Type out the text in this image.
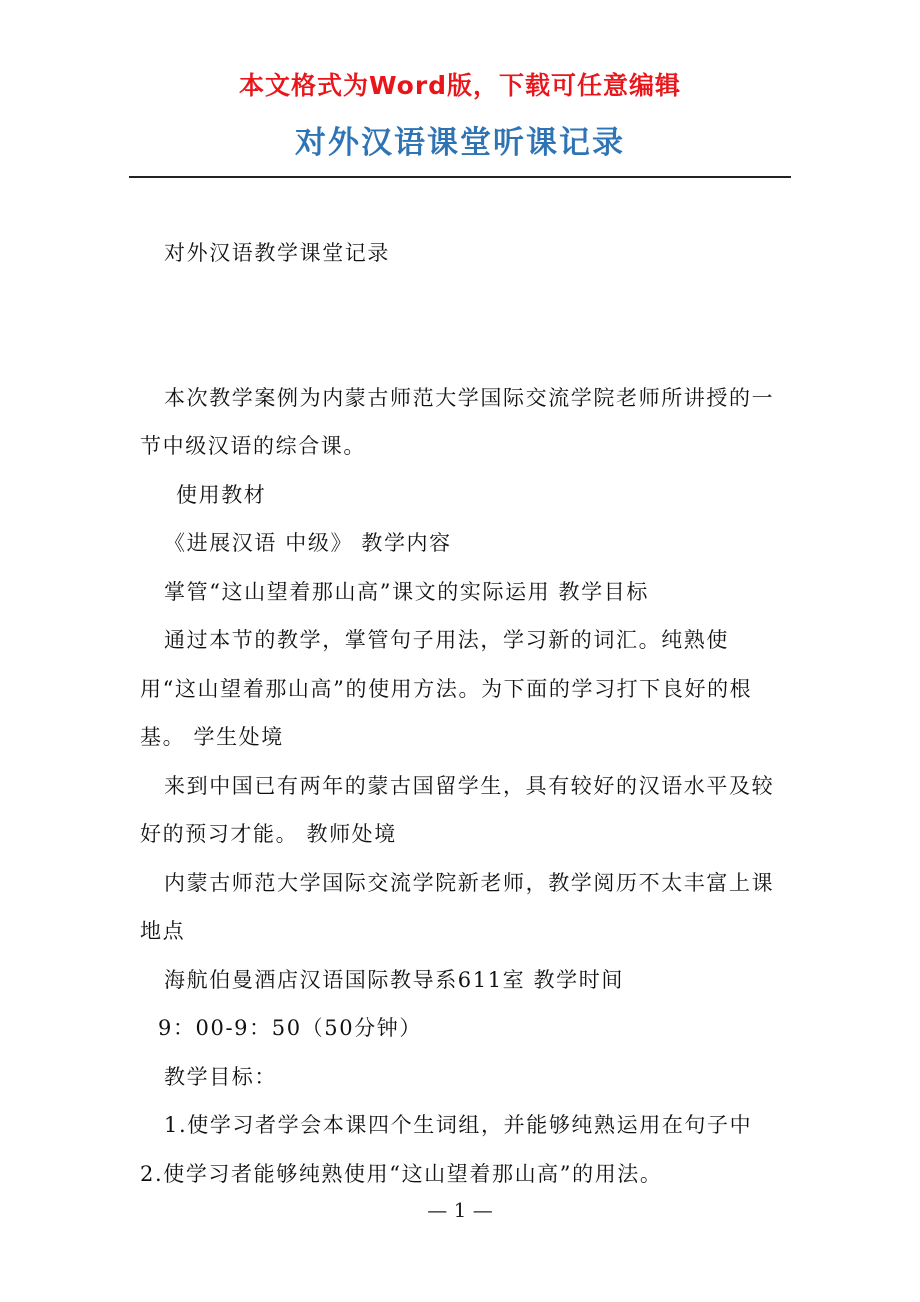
本文格式为Word版，下载可任意编辑
对外汉语课堂听课记录

对外汉语教学课堂记录

本次教学案例为内蒙古师范大学国际交流学院老师所讲授的一节中级汉语的综合课。

使用教材

《进展汉语 中级》 教学内容

掌管“这山望着那山高”课文的实际运用 教学目标

通过本节的教学，掌管句子用法，学习新的词汇。纯熟使用“这山望着那山高”的使用方法。为下面的学习打下良好的根基。 学生处境

来到中国已有两年的蒙古国留学生，具有较好的汉语水平及较好的预习才能。 教师处境

内蒙古师范大学国际交流学院新老师，教学阅历不太丰富上课地点

海航伯曼酒店汉语国际教导系611室 教学时间

9：00-9：50（50分钟）

教学目标：

1.使学习者学会本课四个生词组，并能够纯熟运用在句子中 2.使学习者能够纯熟使用“这山望着那山高”的用法。

— 1 —
